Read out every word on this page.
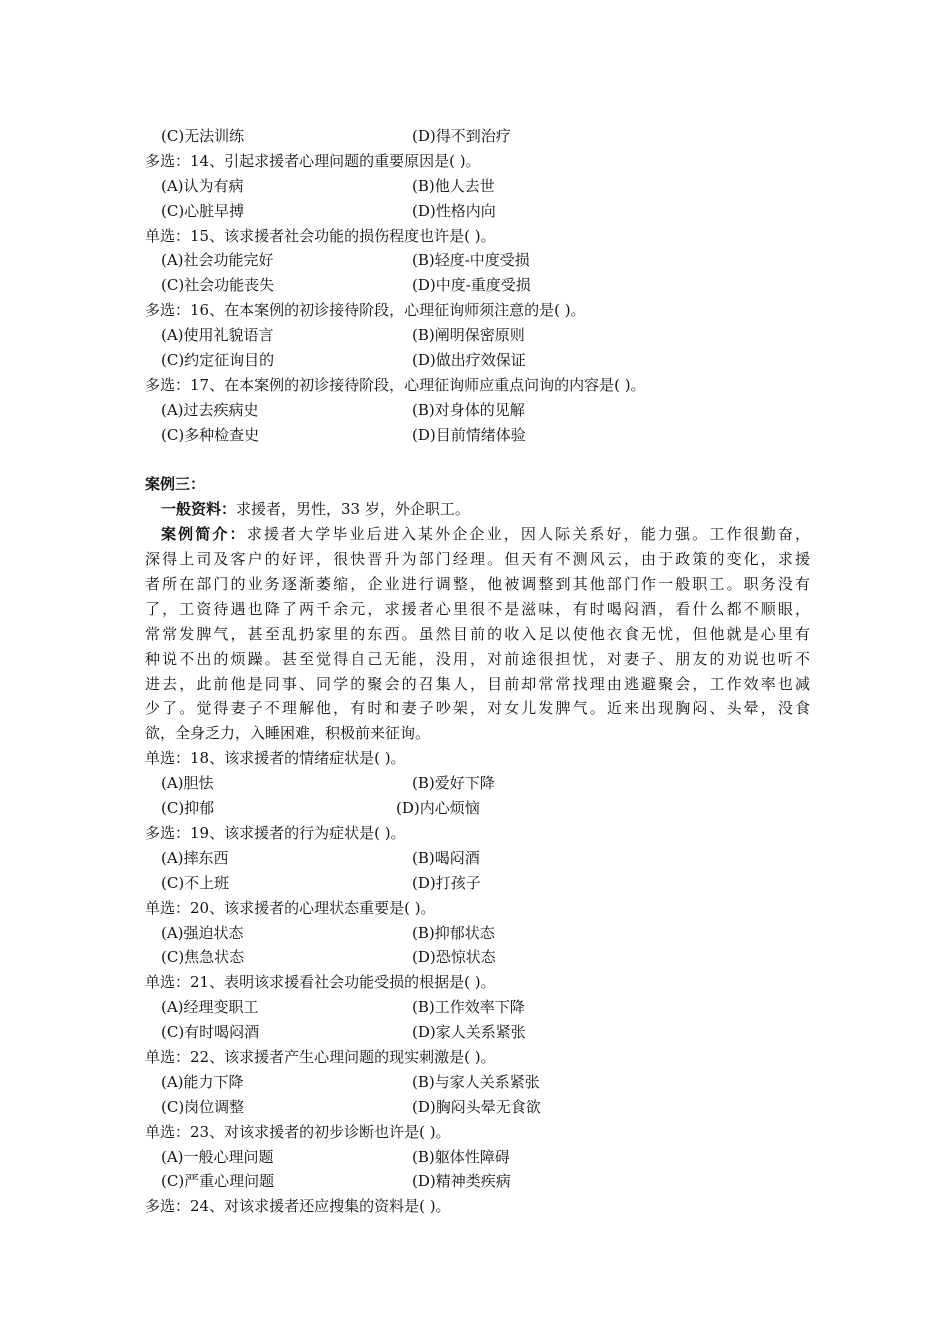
(C)无法训练	(D)得不到治疗
多选：14、引起求援者心理问题的重要原因是( )。
(A)认为有病	(B)他人去世
(C)心脏早搏	(D)性格内向
单选：15、该求援者社会功能的损伤程度也许是( )。
(A)社会功能完好	(B)轻度-中度受损
(C)社会功能丧失	(D)中度-重度受损
多选：16、在本案例的初诊接待阶段，心理征询师须注意的是( )。
(A)使用礼貌语言	(B)阐明保密原则
(C)约定征询目的	(D)做出疗效保证
多选：17、在本案例的初诊接待阶段，心理征询师应重点问询的内容是( )。
(A)过去疾病史	(B)对身体的见解
(C)多种检查史	(D)目前情绪体验
案例三：
一般资料：求援者，男性，33 岁，外企职工。
案例简介：求援者大学毕业后进入某外企企业，因人际关系好，能力强。工作很勤奋，
深得上司及客户的好评，很快晋升为部门经理。但天有不测风云，由于政策的变化，求援
者所在部门的业务逐渐萎缩，企业进行调整，他被调整到其他部门作一般职工。职务没有
了，工资待遇也降了两千余元，求援者心里很不是滋味，有时喝闷酒，看什么都不顺眼，
常常发脾气，甚至乱扔家里的东西。虽然目前的收入足以使他衣食无忧，但他就是心里有
种说不出的烦躁。甚至觉得自己无能，没用，对前途很担忧，对妻子、朋友的劝说也听不
进去，此前他是同事、同学的聚会的召集人，目前却常常找理由逃避聚会，工作效率也减
少了。觉得妻子不理解他，有时和妻子吵架，对女儿发脾气。近来出现胸闷、头晕，没食
欲，全身乏力，入睡困难，积极前来征询。
单选：18、该求援者的情绪症状是( )。
(A)胆怯	(B)爱好下降
(C)抑郁	(D)内心烦恼
多选：19、该求援者的行为症状是( )。
(A)摔东西	(B)喝闷酒
(C)不上班	(D)打孩子
单选：20、该求援者的心理状态重要是( )。
(A)强迫状态	(B)抑郁状态
(C)焦急状态	(D)恐惊状态
单选：21、表明该求援看社会功能受损的根据是( )。
(A)经理变职工	(B)工作效率下降
(C)有时喝闷酒	(D)家人关系紧张
单选：22、该求援者产生心理问题的现实刺激是( )。
(A)能力下降	(B)与家人关系紧张
(C)岗位调整	(D)胸闷头晕无食欲
单选：23、对该求援者的初步诊断也许是( )。
(A)一般心理问题	(B)躯体性障碍
(C)严重心理问题	(D)精神类疾病
多选：24、对该求援者还应搜集的资料是( )。
